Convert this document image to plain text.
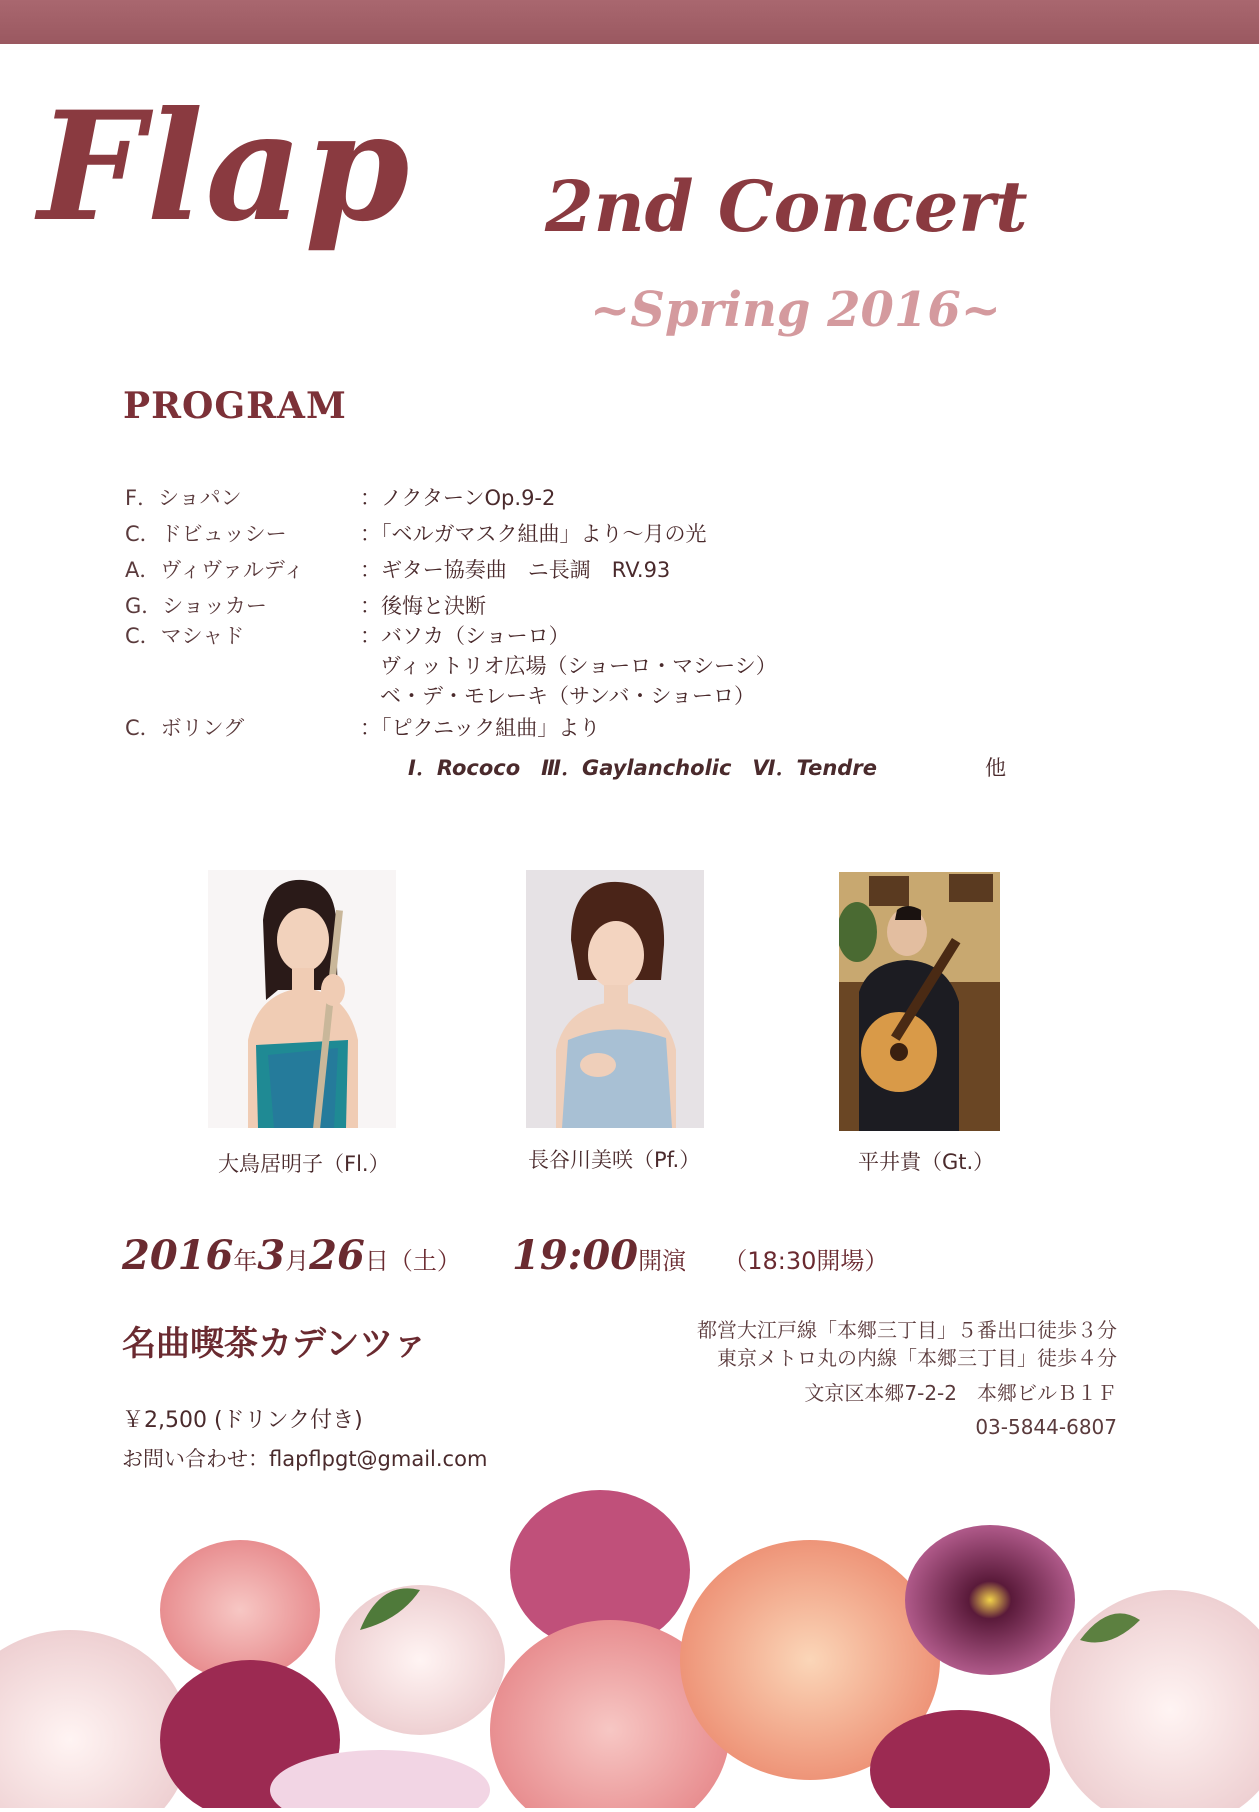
Flap 2nd Concert
~Spring 2016~
PROGRAM
F．ショパン	：ノクターンOp.9-2
C．ドビュッシー	：「ベルガマスク組曲」より〜月の光
A．ヴィヴァルディ	：ギター協奏曲　ニ長調　RV.93
G．ショッカー	：後悔と決断
C．マシャド	：バソカ（ショーロ）
ヴィットリオ広場（ショーロ・マシーシ）
ベ・デ・モレーキ（サンバ・ショーロ）
C．ボリング	：「ピクニック組曲」より
Ⅰ．Rococo　Ⅲ．Gaylancholic　Ⅵ．Tendre	他
大鳥居明子（Fl.）	長谷川美咲（Pf.）	平井貴（Gt.）
2016年3月26日（土） 19:00開演 （18:30開場）
名曲喫茶カデンツァ	都営大江戸線「本郷三丁目」５番出口徒歩３分
東京メトロ丸の内線「本郷三丁目」徒歩４分
文京区本郷7-2-2　本郷ビルＢ１Ｆ
03-5844-6807
￥2,500 (ドリンク付き)
お問い合わせ：flapflpgt@gmail.com
